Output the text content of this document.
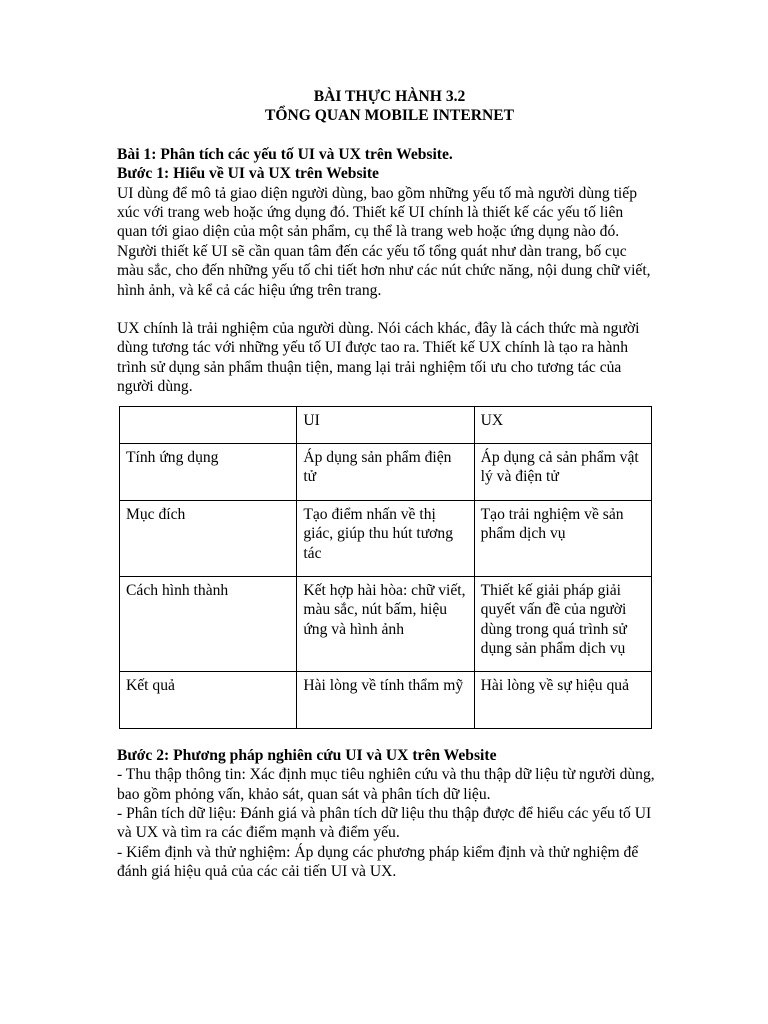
BÀI THỰC HÀNH 3.2
TỔNG QUAN MOBILE INTERNET
Bài 1: Phân tích các yếu tố UI và UX trên Website.
Bước 1: Hiểu về UI và UX trên Website

UI dùng để mô tả giao diện người dùng, bao gồm những yếu tố mà người dùng tiếp xúc với trang web hoặc ứng dụng đó. Thiết kế UI chính là thiết kế các yếu tố liên quan tới giao diện của một sản phẩm, cụ thể là trang web hoặc ứng dụng nào đó. Người thiết kế UI sẽ cần quan tâm đến các yếu tố tổng quát như dàn trang, bố cục màu sắc, cho đến những yếu tố chi tiết hơn như các nút chức năng, nội dung chữ viết, hình ảnh, và kể cả các hiệu ứng trên trang.

UX chính là trải nghiệm của người dùng. Nói cách khác, đây là cách thức mà người dùng tương tác với những yếu tố UI được tao ra. Thiết kế UX chính là tạo ra hành trình sử dụng sản phẩm thuận tiện, mang lại trải nghiệm tối ưu cho tương tác của người dùng.

	UI	UX
Tính ứng dụng	Áp dụng sản phẩm điện tử	Áp dụng cả sản phẩm vật lý và điện tử
Mục đích	Tạo điểm nhấn về thị giác, giúp thu hút tương tác	Tạo trải nghiệm về sản phẩm dịch vụ
Cách hình thành	Kết hợp hài hòa: chữ viết, màu sắc, nút bấm, hiệu ứng và hình ảnh	Thiết kế giải pháp giải quyết vấn đề của người dùng trong quá trình sử dụng sản phẩm dịch vụ
Kết quả	Hài lòng về tính thẩm mỹ	Hài lòng về sự hiệu quả
Bước 2: Phương pháp nghiên cứu UI và UX trên Website
- Thu thập thông tin: Xác định mục tiêu nghiên cứu và thu thập dữ liệu từ người dùng, bao gồm phỏng vấn, khảo sát, quan sát và phân tích dữ liệu.
- Phân tích dữ liệu: Đánh giá và phân tích dữ liệu thu thập được để hiểu các yếu tố UI và UX và tìm ra các điểm mạnh và điểm yếu.
- Kiểm định và thử nghiệm: Áp dụng các phương pháp kiểm định và thử nghiệm để đánh giá hiệu quả của các cải tiến UI và UX.
